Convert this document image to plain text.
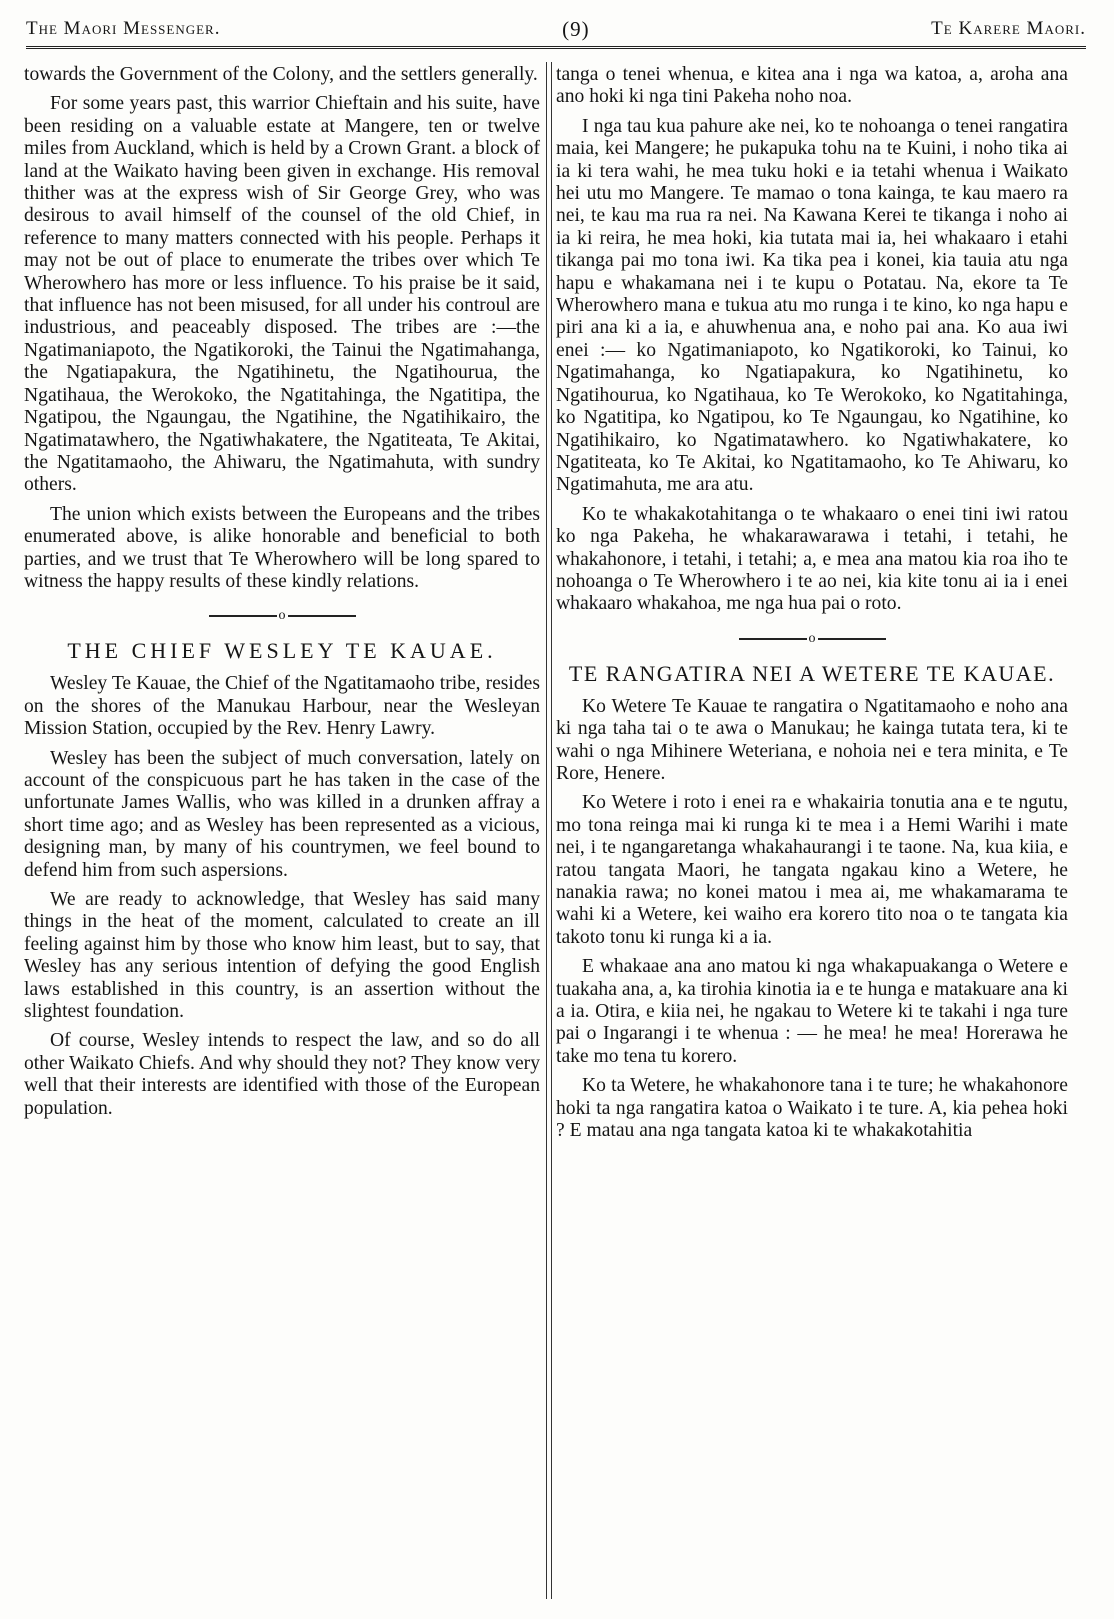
The Maori Messenger.	(9)	Te Karere Maori.

towards the Government of the Colony, and the settlers generally.

For some years past, this warrior Chieftain and his suite, have been residing on a valuable estate at Mangere, ten or twelve miles from Auckland, which is held by a Crown Grant. a block of land at the Waikato having been given in exchange. His removal thither was at the express wish of Sir George Grey, who was desirous to avail himself of the counsel of the old Chief, in reference to many matters connected with his people. Perhaps it may not be out of place to enumerate the tribes over which Te Wherowhero has more or less influence. To his praise be it said, that influence has not been misused, for all under his controul are industrious, and peaceably disposed. The tribes are :—the Ngatimaniapoto, the Ngatikoroki, the Tainui the Ngatimahanga, the Ngatiapakura, the Ngatihinetu, the Ngatihourua, the Ngatihaua, the Werokoko, the Ngatitahinga, the Ngatitipa, the Ngatipou, the Ngaungau, the Ngatihine, the Ngatihikairo, the Ngatimatawhero, the Ngatiwhakatere, the Ngatiteata, Te Akitai, the Ngatitamaoho, the Ahiwaru, the Ngatimahuta, with sundry others.

The union which exists between the Europeans and the tribes enumerated above, is alike honorable and beneficial to both parties, and we trust that Te Wherowhero will be long spared to witness the happy results of these kindly relations.

o
THE CHIEF WESLEY TE KAUAE.

Wesley Te Kauae, the Chief of the Ngatitamaoho tribe, resides on the shores of the Manukau Harbour, near the Wesleyan Mission Station, occupied by the Rev. Henry Lawry.

Wesley has been the subject of much conversation, lately on account of the conspicuous part he has taken in the case of the unfortunate James Wallis, who was killed in a drunken affray a short time ago; and as Wesley has been represented as a vicious, designing man, by many of his countrymen, we feel bound to defend him from such aspersions.

We are ready to acknowledge, that Wesley has said many things in the heat of the moment, calculated to create an ill feeling against him by those who know him least, but to say, that Wesley has any serious intention of defying the good English laws established in this country, is an assertion without the slightest foundation.

Of course, Wesley intends to respect the law, and so do all other Waikato Chiefs. And why should they not? They know very well that their interests are identified with those of the European population.

tanga o tenei whenua, e kitea ana i nga wa katoa, a, aroha ana ano hoki ki nga tini Pakeha noho noa.

I nga tau kua pahure ake nei, ko te nohoanga o tenei rangatira maia, kei Mangere; he pukapuka tohu na te Kuini, i noho tika ai ia ki tera wahi, he mea tuku hoki e ia tetahi whenua i Waikato hei utu mo Mangere. Te mamao o tona kainga, te kau maero ra nei, te kau ma rua ra nei. Na Kawana Kerei te tikanga i noho ai ia ki reira, he mea hoki, kia tutata mai ia, hei whakaaro i etahi tikanga pai mo tona iwi. Ka tika pea i konei, kia tauia atu nga hapu e whakamana nei i te kupu o Potatau. Na, ekore ta Te Wherowhero mana e tukua atu mo runga i te kino, ko nga hapu e piri ana ki a ia, e ahuwhenua ana, e noho pai ana. Ko aua iwi enei :— ko Ngatimaniapoto, ko Ngatikoroki, ko Tainui, ko Ngatimahanga, ko Ngatiapakura, ko Ngatihinetu, ko Ngatihourua, ko Ngatihaua, ko Te Werokoko, ko Ngatitahinga, ko Ngatitipa, ko Ngatipou, ko Te Ngaungau, ko Ngatihine, ko Ngatihikairo, ko Ngatimatawhero. ko Ngatiwhakatere, ko Ngatiteata, ko Te Akitai, ko Ngatitamaoho, ko Te Ahiwaru, ko Ngatimahuta, me ara atu.

Ko te whakakotahitanga o te whakaaro o enei tini iwi ratou ko nga Pakeha, he whakarawarawa i tetahi, i tetahi, he whakahonore, i tetahi, i tetahi; a, e mea ana matou kia roa iho te nohoanga o Te Wherowhero i te ao nei, kia kite tonu ai ia i enei whakaaro whakahoa, me nga hua pai o roto.

o
TE RANGATIRA NEI A WETERE TE KAUAE.

Ko Wetere Te Kauae te rangatira o Ngatitamaoho e noho ana ki nga taha tai o te awa o Manukau; he kainga tutata tera, ki te wahi o nga Mihinere Weteriana, e nohoia nei e tera minita, e Te Rore, Henere.

Ko Wetere i roto i enei ra e whakairia tonutia ana e te ngutu, mo tona reinga mai ki runga ki te mea i a Hemi Warihi i mate nei, i te ngangaretanga whakahaurangi i te taone. Na, kua kiia, e ratou tangata Maori, he tangata ngakau kino a Wetere, he nanakia rawa; no konei matou i mea ai, me whakamarama te wahi ki a Wetere, kei waiho era korero tito noa o te tangata kia takoto tonu ki runga ki a ia.

E whakaae ana ano matou ki nga whakapuakanga o Wetere e tuakaha ana, a, ka tirohia kinotia ia e te hunga e matakuare ana ki a ia. Otira, e kiia nei, he ngakau to Wetere ki te takahi i nga ture pai o Ingarangi i te whenua : — he mea! he mea! Horerawa he take mo tena tu korero.

Ko ta Wetere, he whakahonore tana i te ture; he whakahonore hoki ta nga rangatira katoa o Waikato i te ture. A, kia pehea hoki ? E matau ana nga tangata katoa ki te whakakotahitia
